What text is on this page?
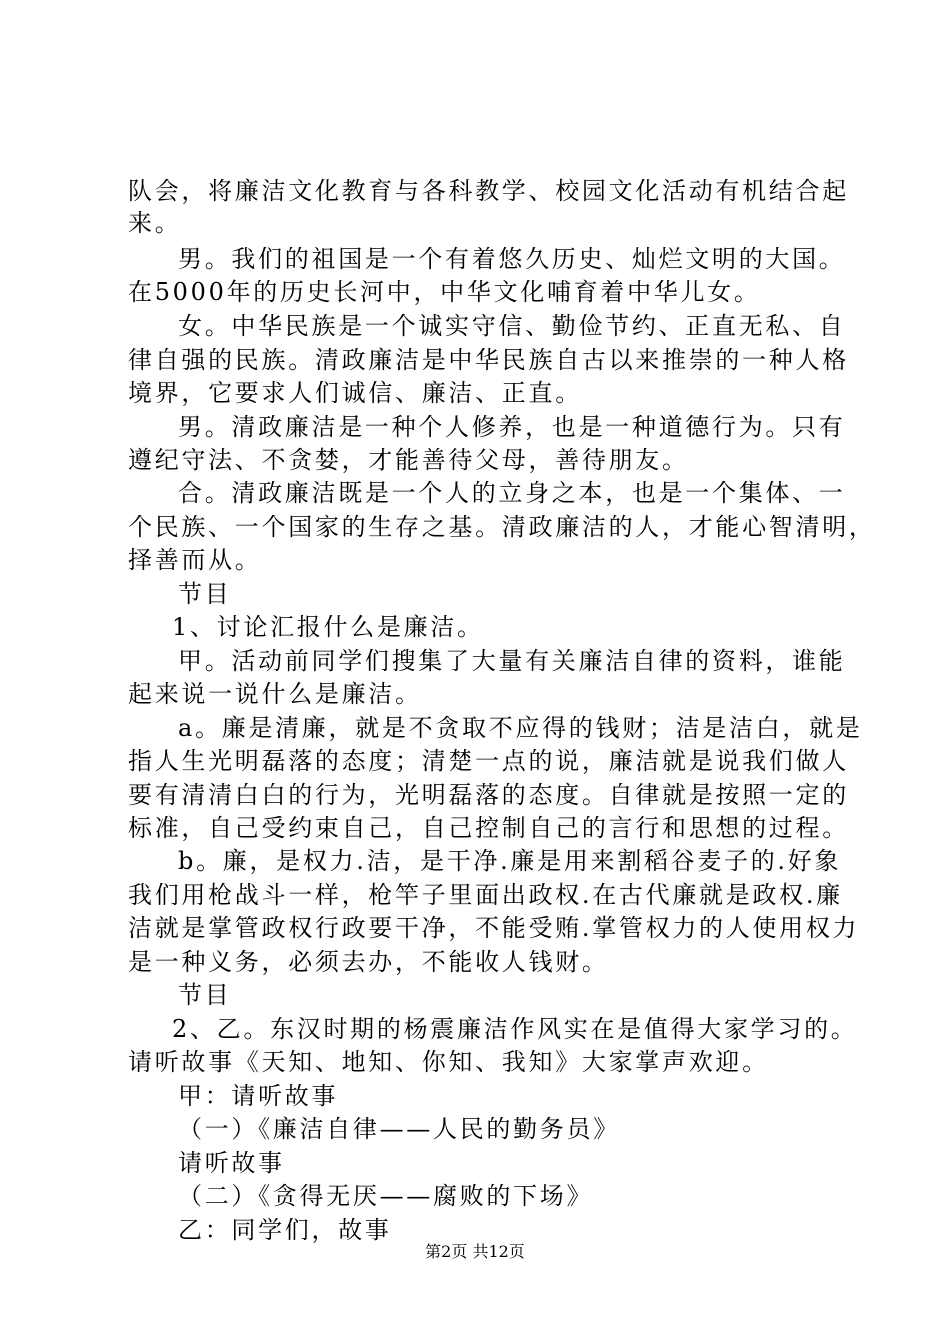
队会，将廉洁文化教育与各科教学、校园文化活动有机结合起
来。
男。我们的祖国是一个有着悠久历史、灿烂文明的大国。
在5000年的历史长河中，中华文化哺育着中华儿女。
女。中华民族是一个诚实守信、勤俭节约、正直无私、自
律自强的民族。清政廉洁是中华民族自古以来推崇的一种人格
境界，它要求人们诚信、廉洁、正直。
男。清政廉洁是一种个人修养，也是一种道德行为。只有
遵纪守法、不贪婪，才能善待父母，善待朋友。
合。清政廉洁既是一个人的立身之本，也是一个集体、一
个民族、一个国家的生存之基。清政廉洁的人，才能心智清明，
择善而从。
节目
1、讨论汇报什么是廉洁。
甲。活动前同学们搜集了大量有关廉洁自律的资料，谁能
起来说一说什么是廉洁。
a。廉是清廉，就是不贪取不应得的钱财；洁是洁白，就是
指人生光明磊落的态度；清楚一点的说，廉洁就是说我们做人
要有清清白白的行为，光明磊落的态度。自律就是按照一定的
标准，自己受约束自己，自己控制自己的言行和思想的过程。
b。廉，是权力.洁，是干净.廉是用来割稻谷麦子的.好象
我们用枪战斗一样，枪竿子里面出政权.在古代廉就是政权.廉
洁就是掌管政权行政要干净，不能受贿.掌管权力的人使用权力
是一种义务，必须去办，不能收人钱财。
节目
2、乙。东汉时期的杨震廉洁作风实在是值得大家学习的。
请听故事《天知、地知、你知、我知》大家掌声欢迎。
甲：请听故事
（一）《廉洁自律——人民的勤务员》
请听故事
（二）《贪得无厌——腐败的下场》
乙：同学们，故事
第2页 共12页
